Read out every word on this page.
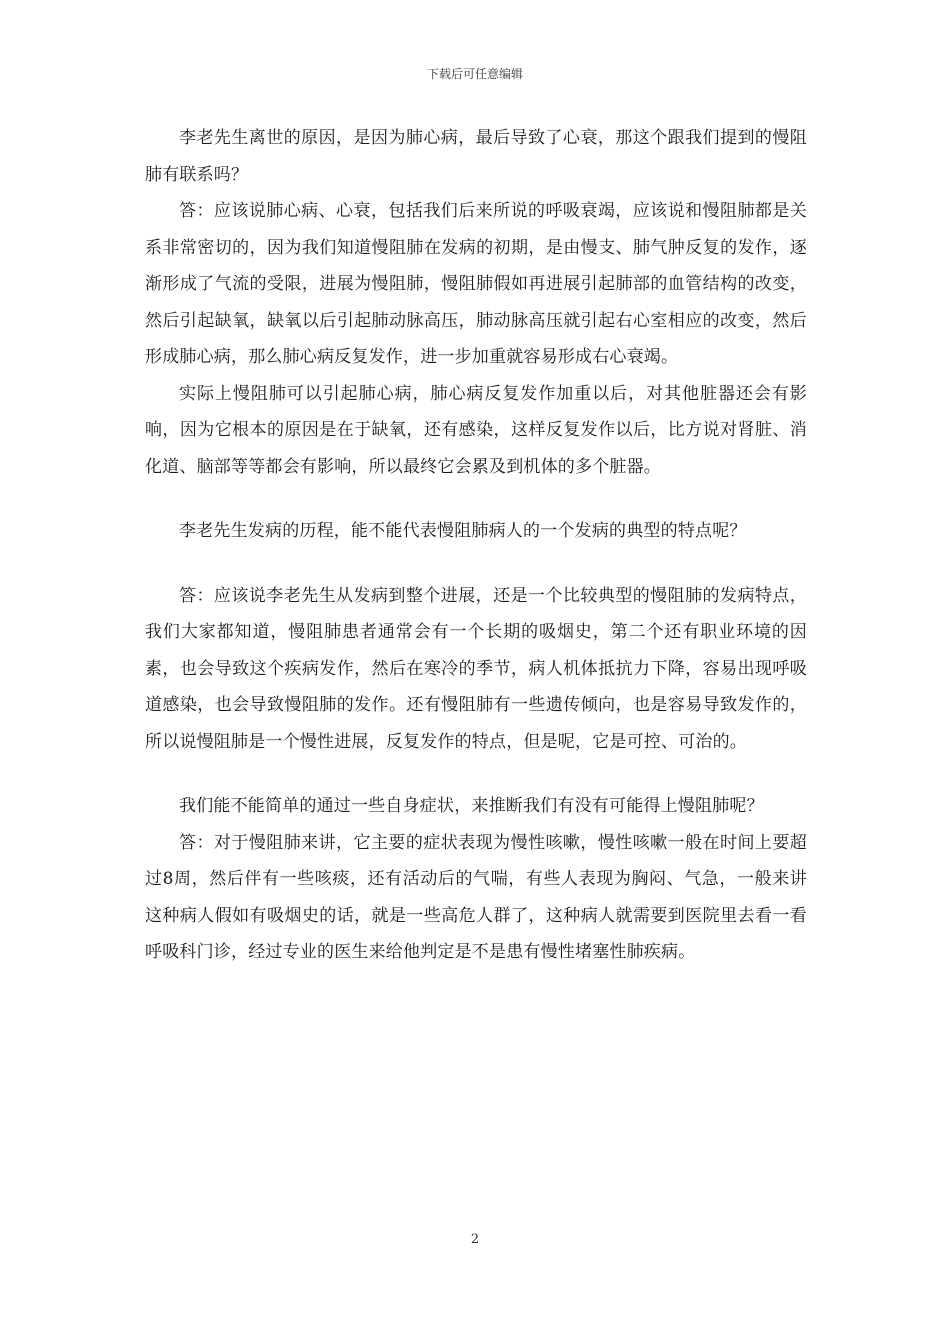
下载后可任意编辑

李老先生离世的原因，是因为肺心病，最后导致了心衰，那这个跟我们提到的慢阻肺有联系吗？

答：应该说肺心病、心衰，包括我们后来所说的呼吸衰竭，应该说和慢阻肺都是关系非常密切的，因为我们知道慢阻肺在发病的初期，是由慢支、肺气肿反复的发作，逐渐形成了气流的受限，进展为慢阻肺，慢阻肺假如再进展引起肺部的血管结构的改变，然后引起缺氧，缺氧以后引起肺动脉高压，肺动脉高压就引起右心室相应的改变，然后形成肺心病，那么肺心病反复发作，进一步加重就容易形成右心衰竭。

实际上慢阻肺可以引起肺心病，肺心病反复发作加重以后，对其他脏器还会有影响，因为它根本的原因是在于缺氧，还有感染，这样反复发作以后，比方说对肾脏、消化道、脑部等等都会有影响，所以最终它会累及到机体的多个脏器。

李老先生发病的历程，能不能代表慢阻肺病人的一个发病的典型的特点呢？

答：应该说李老先生从发病到整个进展，还是一个比较典型的慢阻肺的发病特点，我们大家都知道，慢阻肺患者通常会有一个长期的吸烟史，第二个还有职业环境的因素，也会导致这个疾病发作，然后在寒冷的季节，病人机体抵抗力下降，容易出现呼吸道感染，也会导致慢阻肺的发作。还有慢阻肺有一些遗传倾向，也是容易导致发作的，所以说慢阻肺是一个慢性进展，反复发作的特点，但是呢，它是可控、可治的。

我们能不能简单的通过一些自身症状，来推断我们有没有可能得上慢阻肺呢？

答：对于慢阻肺来讲，它主要的症状表现为慢性咳嗽，慢性咳嗽一般在时间上要超过8周，然后伴有一些咳痰，还有活动后的气喘，有些人表现为胸闷、气急，一般来讲这种病人假如有吸烟史的话，就是一些高危人群了，这种病人就需要到医院里去看一看呼吸科门诊，经过专业的医生来给他判定是不是患有慢性堵塞性肺疾病。

2
